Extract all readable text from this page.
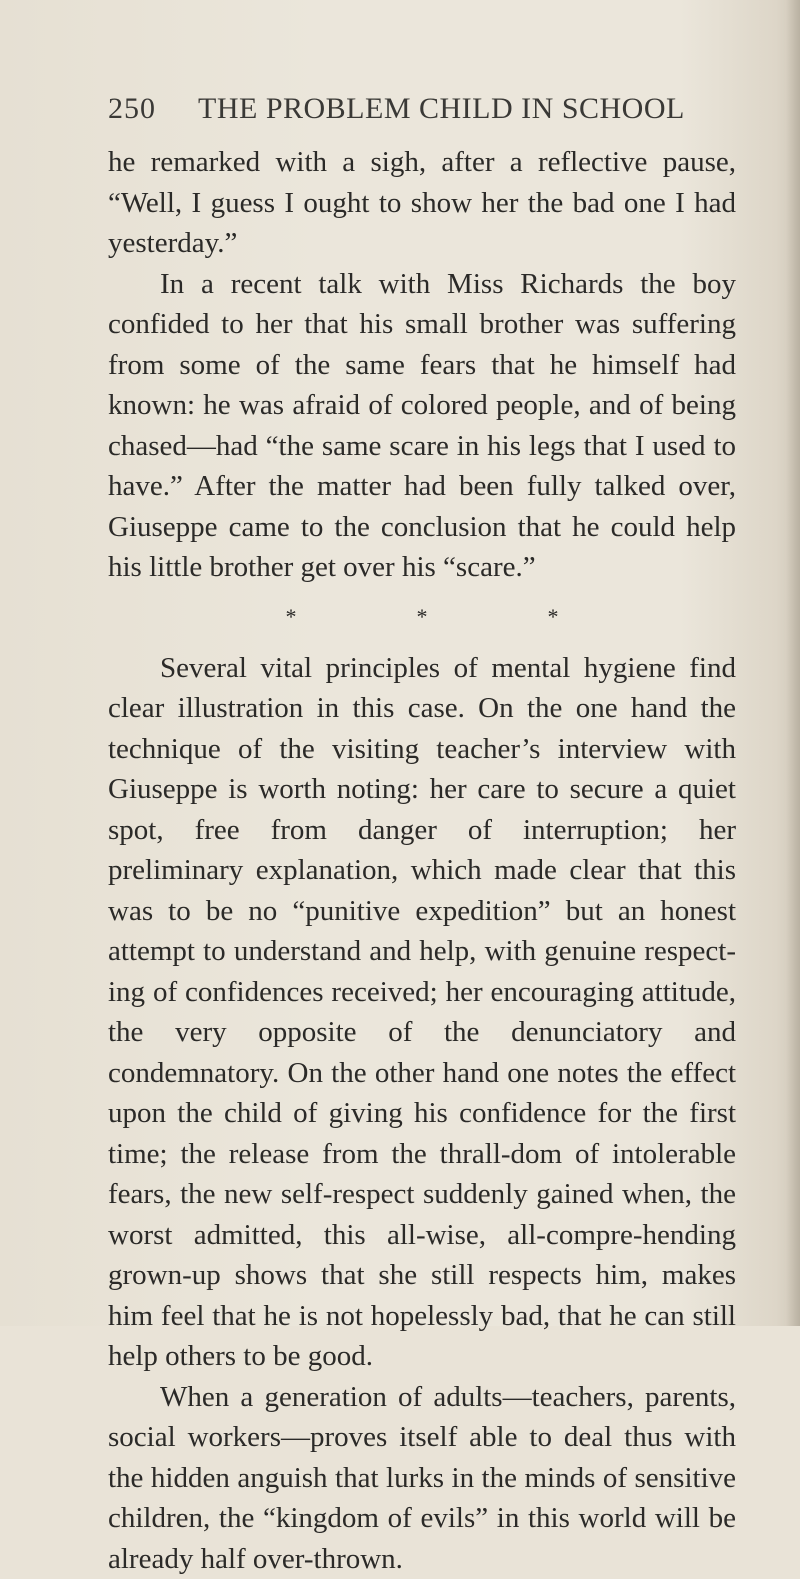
250 THE PROBLEM CHILD IN SCHOOL

he remarked with a sigh, after a reflective pause, “Well, I guess I ought to show her the bad one I had yesterday.”

In a recent talk with Miss Richards the boy confided to her that his small brother was suffering from some of the same fears that he himself had known: he was afraid of colored people, and of being chased—had “the same scare in his legs that I used to have.” After the matter had been fully talked over, Giuseppe came to the conclusion that he could help his little brother get over his “scare.”

*	*	*

Several vital principles of mental hygiene find clear illustration in this case. On the one hand the technique of the visiting teacher’s interview with Giuseppe is worth noting: her care to secure a quiet spot, free from danger of interruption; her preliminary explanation, which made clear that this was to be no “punitive expedition” but an honest attempt to understand and help, with genuine respect-ing of confidences received; her encouraging attitude, the very opposite of the denunciatory and condemnatory. On the other hand one notes the effect upon the child of giving his confidence for the first time; the release from the thrall-dom of intolerable fears, the new self-respect suddenly gained when, the worst admitted, this all-wise, all-compre-hending grown-up shows that she still respects him, makes him feel that he is not hopelessly bad, that he can still help others to be good.

When a generation of adults—teachers, parents, social workers—proves itself able to deal thus with the hidden anguish that lurks in the minds of sensitive children, the “kingdom of evils” in this world will be already half over-thrown.
